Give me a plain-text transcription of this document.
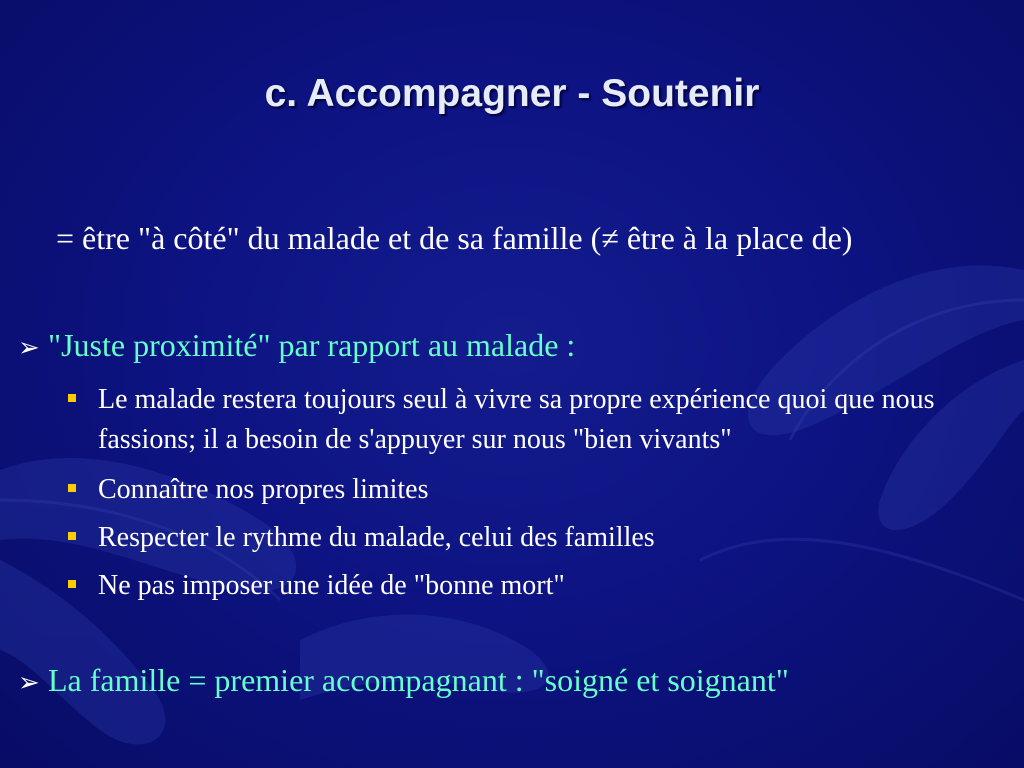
c. Accompagner - Soutenir
= être "à côté" du malade et de sa famille (≠ être à la place de)
➢ "Juste proximité" par rapport au malade :
Le malade restera toujours seul à vivre sa propre expérience quoi que nous fassions; il a besoin de s'appuyer sur nous "bien vivants"
Connaître nos propres limites
Respecter le rythme du malade, celui des familles
Ne pas imposer une idée de "bonne mort"
➢ La famille = premier accompagnant : "soigné et soignant"
